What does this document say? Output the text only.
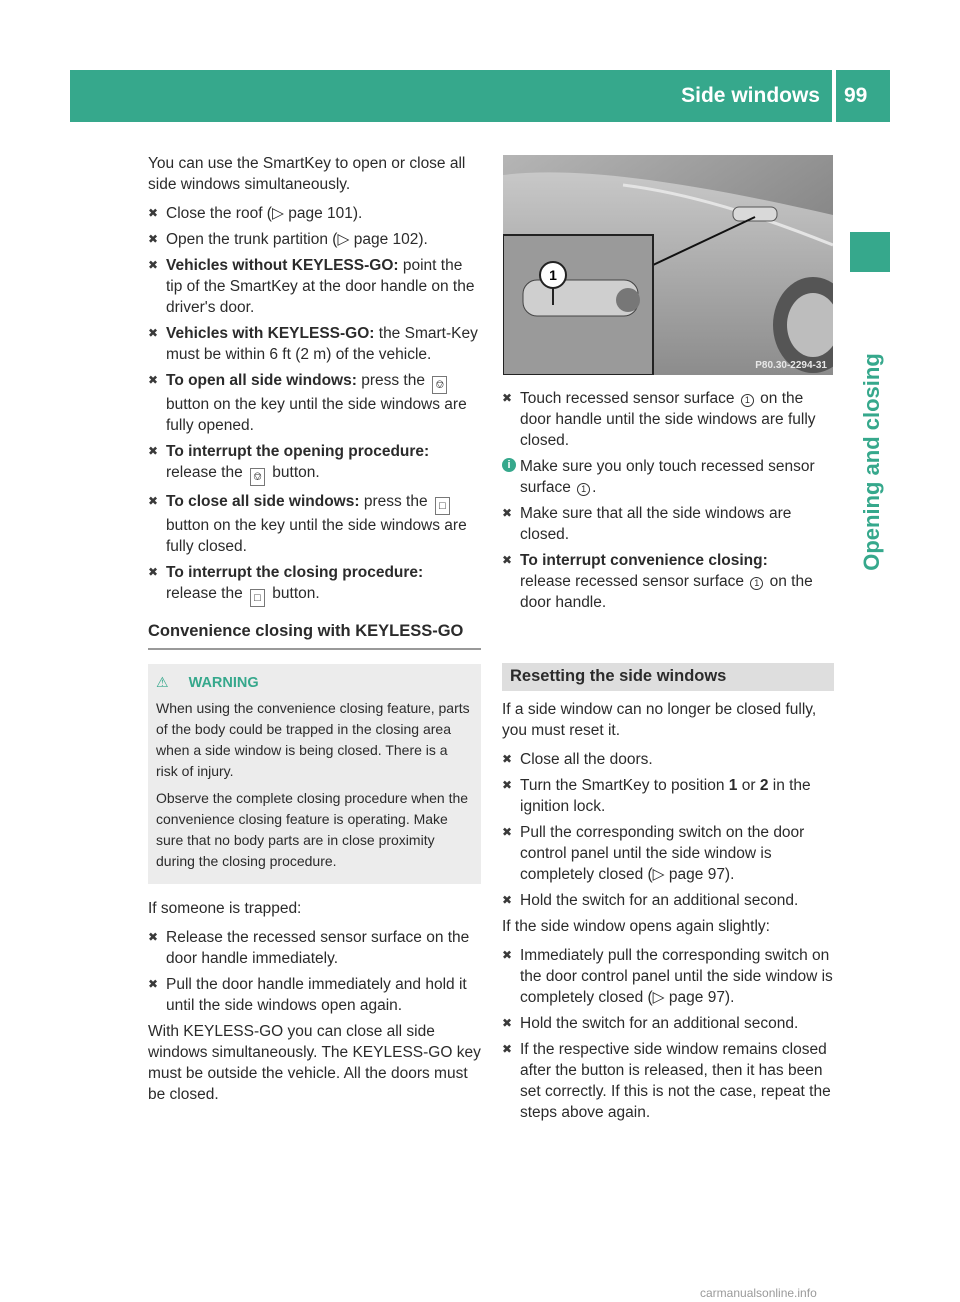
Side windows 99
Opening and closing

You can use the SmartKey to open or close all side windows simultaneously.

✖ Close the roof (▷ page 101).
✖ Open the trunk partition (▷ page 102).
✖ Vehicles without KEYLESS-GO: point the tip of the SmartKey at the door handle on the driver's door.
✖ Vehicles with KEYLESS-GO: the Smart-Key must be within 6 ft (2 m) of the vehicle.
✖ To open all side windows: press the ⎊ button on the key until the side windows are fully opened.
✖ To interrupt the opening procedure:
release the ⎊ button.
✖ To close all side windows: press the □ button on the key until the side windows are fully closed.
✖ To interrupt the closing procedure:
release the □ button.
Convenience closing with KEYLESS-GO
⚠ WARNING

When using the convenience closing feature, parts of the body could be trapped in the closing area when a side window is being closed. There is a risk of injury.

Observe the complete closing procedure when the convenience closing feature is operating. Make sure that no body parts are in close proximity during the closing procedure.

If someone is trapped:

✖ Release the recessed sensor surface on the door handle immediately.
✖ Pull the door handle immediately and hold it until the side windows open again.

With KEYLESS-GO you can close all side windows simultaneously. The KEYLESS-GO key must be outside the vehicle. All the doors must be closed.

1
P80.30-2294-31
✖ Touch recessed sensor surface 1 on the door handle until the side windows are fully closed.
i Make sure you only touch recessed sensor surface 1 .
✖ Make sure that all the side windows are closed.
✖ To interrupt convenience closing:
release recessed sensor surface 1 on the door handle.
Resetting the side windows

If a side window can no longer be closed fully, you must reset it.

✖ Close all the doors.
✖ Turn the SmartKey to position 1 or 2 in the ignition lock.
✖ Pull the corresponding switch on the door control panel until the side window is completely closed (▷ page 97).
✖ Hold the switch for an additional second.

If the side window opens again slightly:

✖ Immediately pull the corresponding switch on the door control panel until the side window is completely closed (▷ page 97).
✖ Hold the switch for an additional second.
✖ If the respective side window remains closed after the button is released, then it has been set correctly. If this is not the case, repeat the steps above again.
carmanualsonline.info
